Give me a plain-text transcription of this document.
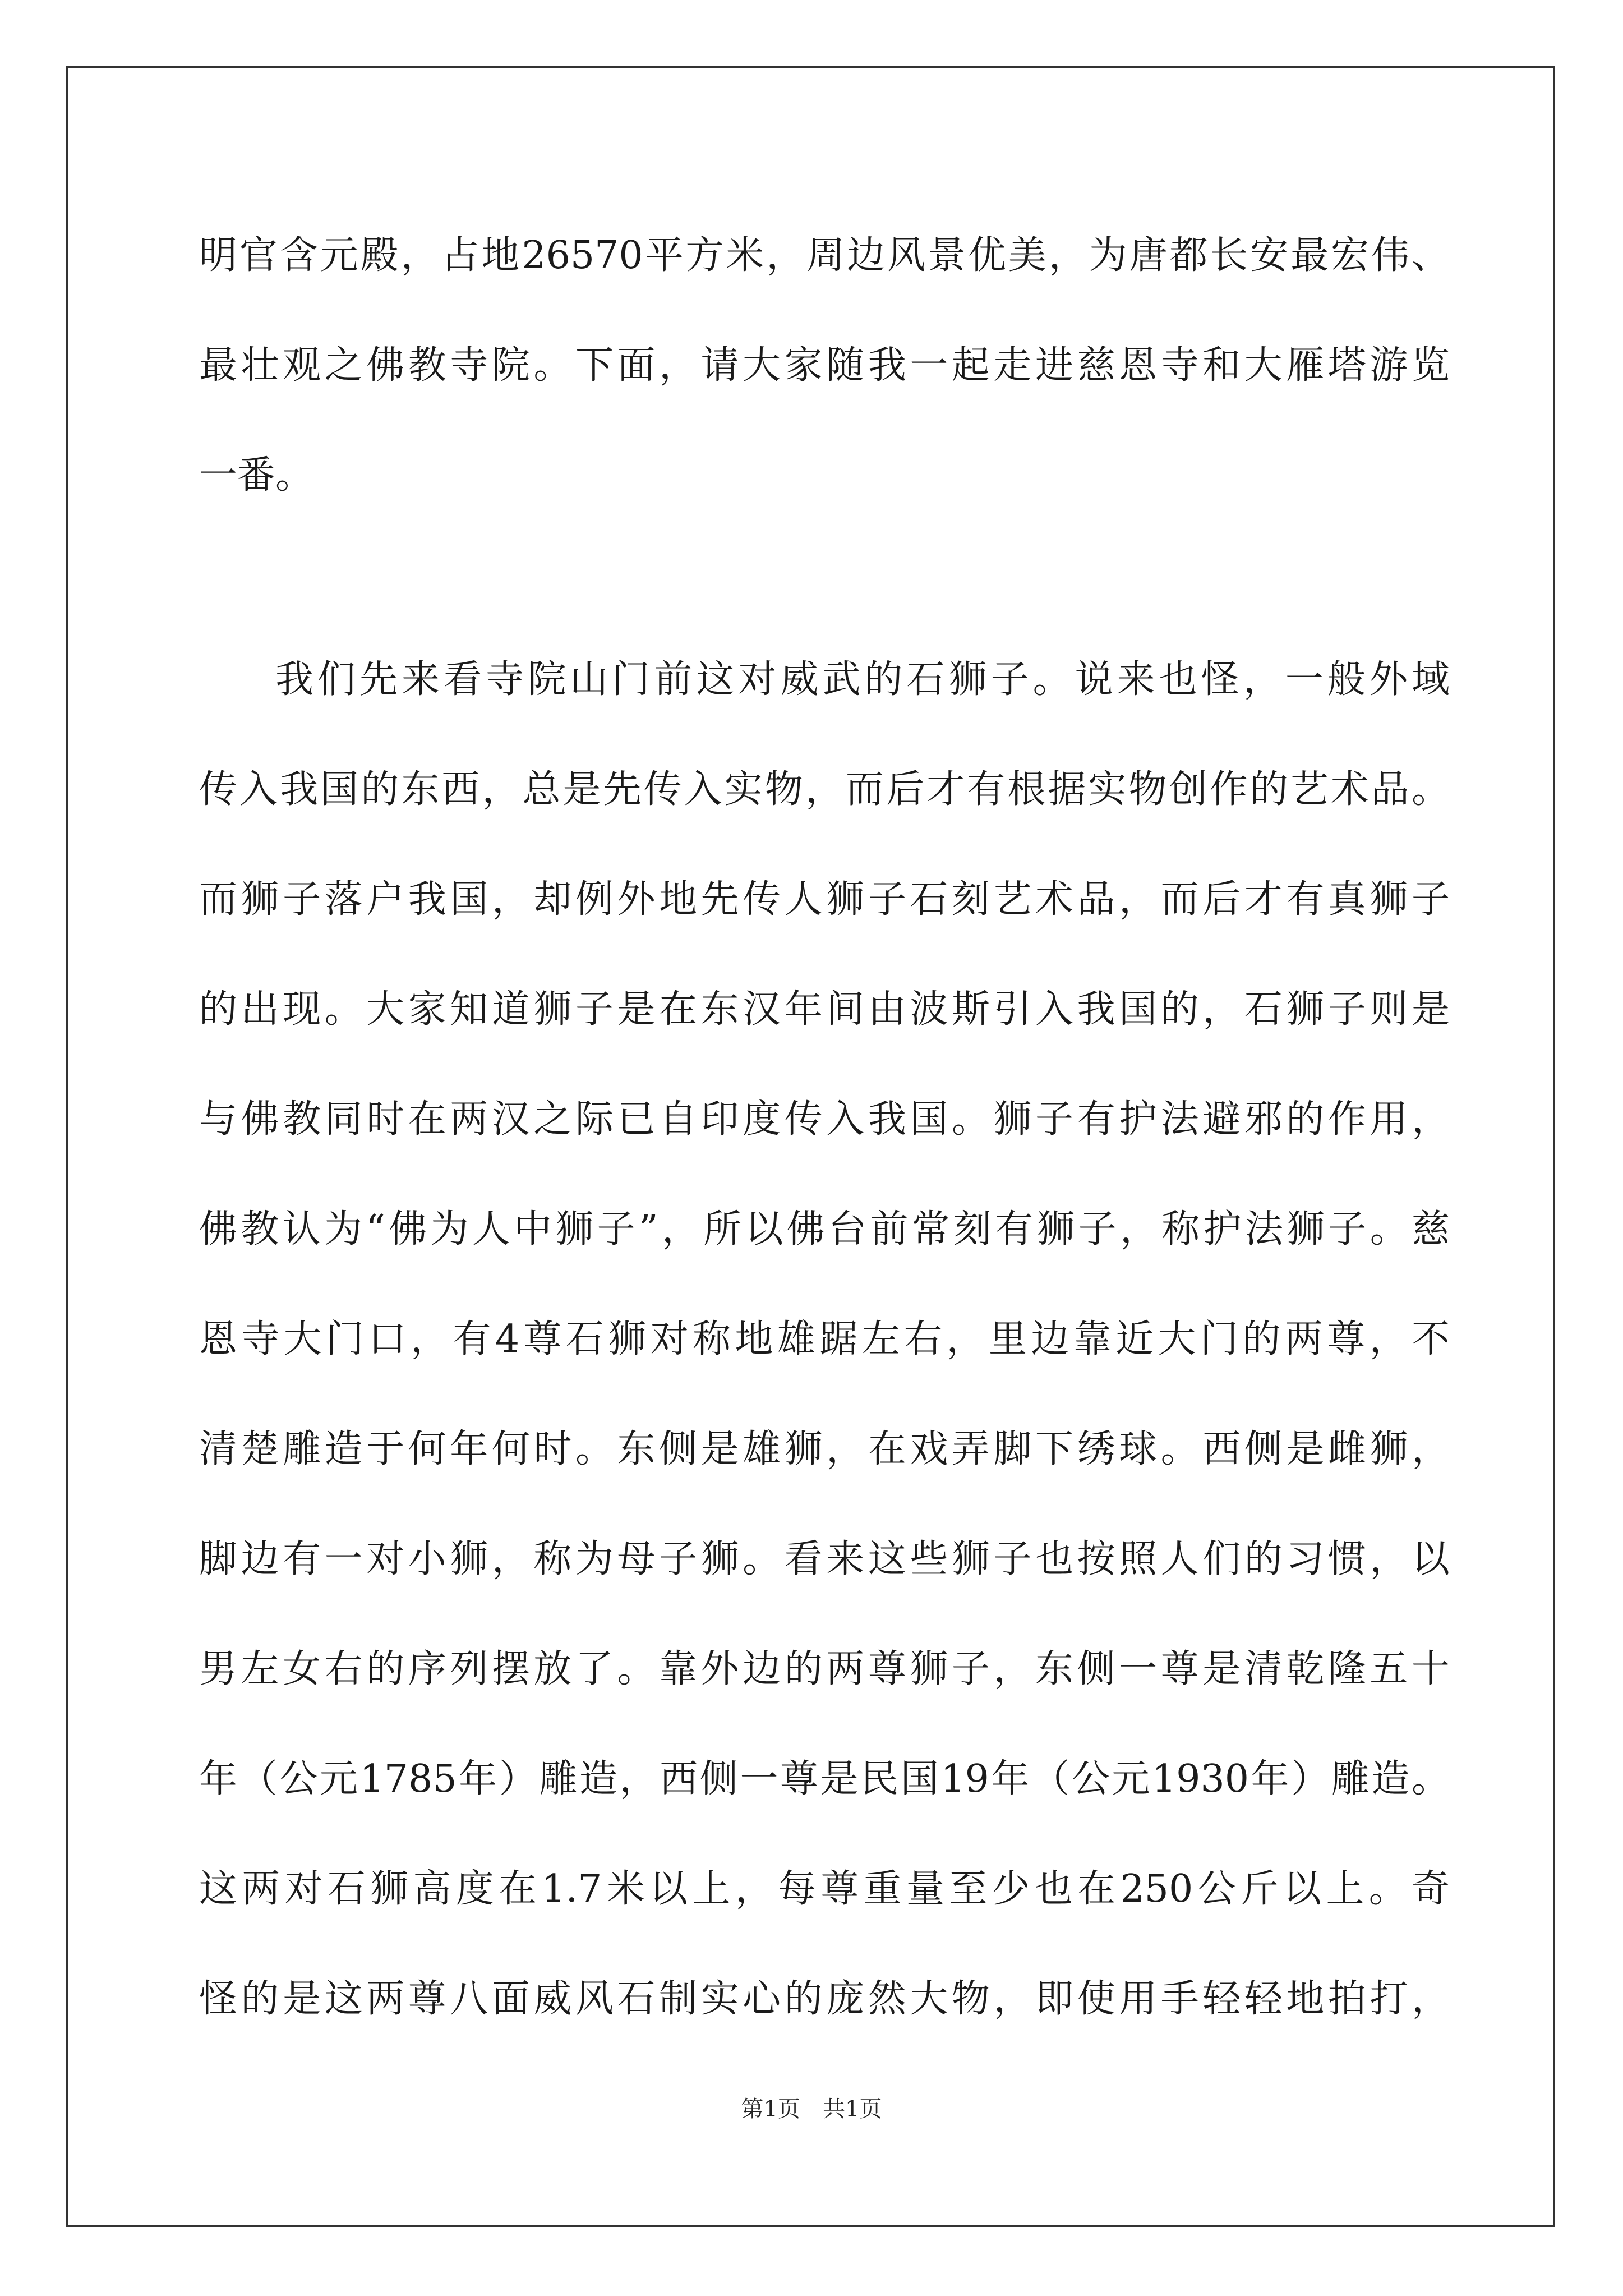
明官含元殿，占地26570平方米，周边风景优美，为唐都长安最宏伟、
最壮观之佛教寺院。下面，请大家随我一起走进慈恩寺和大雁塔游览
一番。
我们先来看寺院山门前这对威武的石狮子。说来也怪，一般外域
传入我国的东西，总是先传入实物，而后才有根据实物创作的艺术品。
而狮子落户我国，却例外地先传人狮子石刻艺术品，而后才有真狮子
的出现。大家知道狮子是在东汉年间由波斯引入我国的，石狮子则是
与佛教同时在两汉之际已自印度传入我国。狮子有护法避邪的作用，
佛教认为“佛为人中狮子”，所以佛台前常刻有狮子，称护法狮子。慈
恩寺大门口，有4尊石狮对称地雄踞左右，里边靠近大门的两尊，不
清楚雕造于何年何时。东侧是雄狮，在戏弄脚下绣球。西侧是雌狮，
脚边有一对小狮，称为母子狮。看来这些狮子也按照人们的习惯，以
男左女右的序列摆放了。靠外边的两尊狮子，东侧一尊是清乾隆五十
年（公元1785年）雕造，西侧一尊是民国19年（公元1930年）雕造。
这两对石狮高度在1.7米以上，每尊重量至少也在250公斤以上。奇
怪的是这两尊八面威风石制实心的庞然大物，即使用手轻轻地拍打，
第1页　共1页
